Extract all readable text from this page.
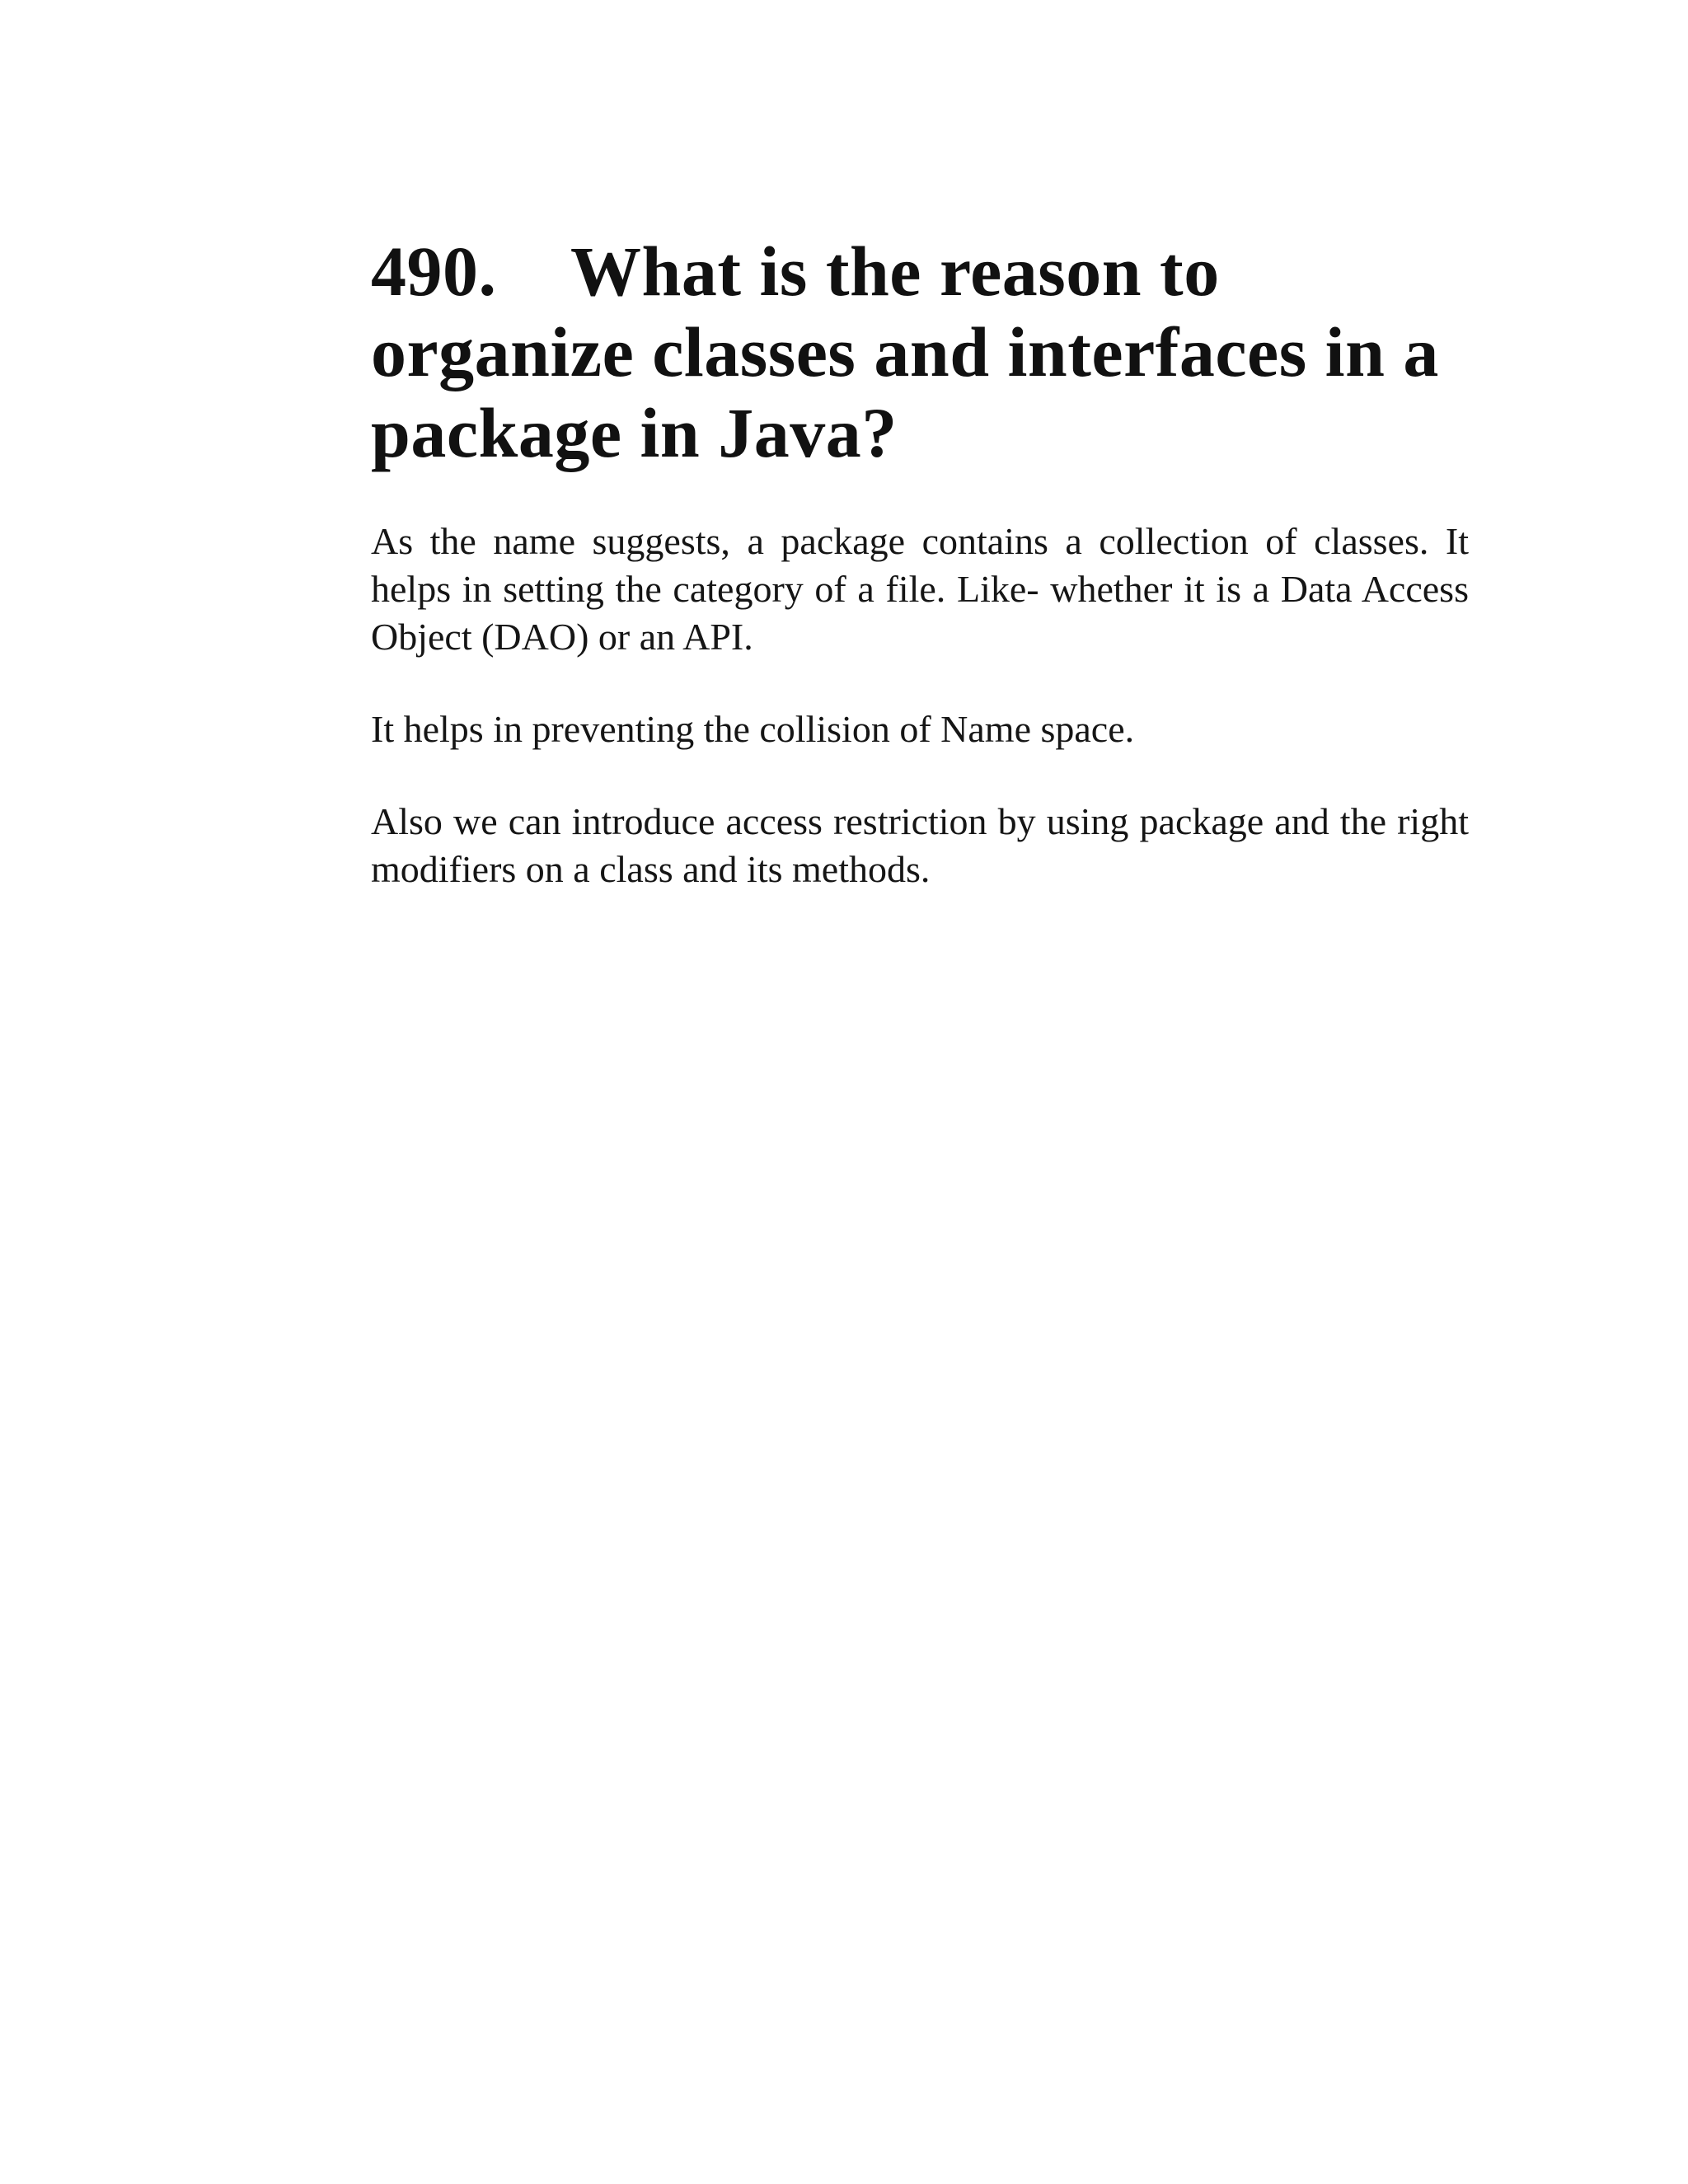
490. What is the reason to organize classes and interfaces in a package in Java?

As the name suggests, a package contains a collection of classes. It helps in setting the category of a file. Like- whether it is a Data Access Object (DAO) or an API.

It helps in preventing the collision of Name space.

Also we can introduce access restriction by using package and the right modifiers on a class and its methods.
